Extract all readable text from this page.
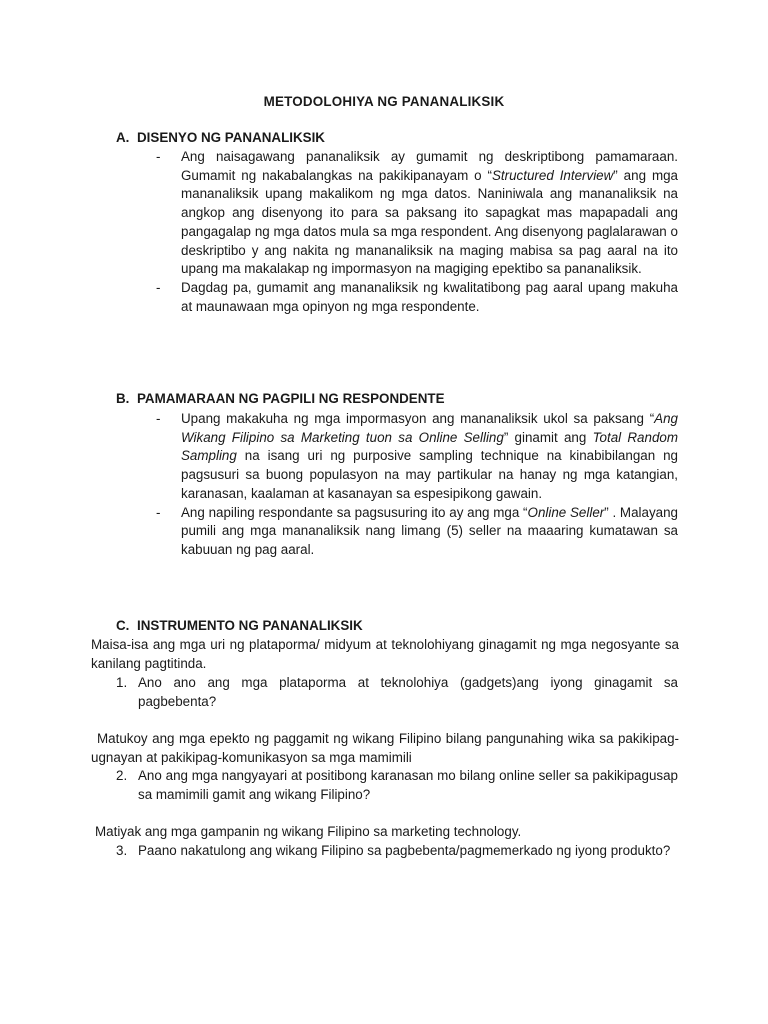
METODOLOHIYA NG PANANALIKSIK
A. DISENYO NG PANANALIKSIK
- Ang naisagawang pananaliksik ay gumamit ng deskriptibong pamamaraan. Gumamit ng nakabalangkas na pakikipanayam o “Structured Interview” ang mga mananaliksik upang makalikom ng mga datos. Naniniwala ang mananaliksik na angkop ang disenyong ito para sa paksang ito sapagkat mas mapapadali ang pangagalap ng mga datos mula sa mga respondent. Ang disenyong paglalarawan o deskriptibo y ang nakita ng mananaliksik na maging mabisa sa pag aaral na ito upang ma makalakap ng impormasyon na magiging epektibo sa pananaliksik.
- Dagdag pa, gumamit ang mananaliksik ng kwalitatibong pag aaral upang makuha at maunawaan mga opinyon ng mga respondente.
B. PAMAMARAAN NG PAGPILI NG RESPONDENTE
- Upang makakuha ng mga impormasyon ang mananaliksik ukol sa paksang “Ang Wikang Filipino sa Marketing tuon sa Online Selling” ginamit ang Total Random Sampling na isang uri ng purposive sampling technique na kinabibilangan ng pagsusuri sa buong populasyon na may partikular na hanay ng mga katangian, karanasan, kaalaman at kasanayan sa espesipikong gawain.
- Ang napiling respondante sa pagsusuring ito ay ang mga “Online Seller” . Malayang pumili ang mga mananaliksik nang limang (5) seller na maaaring kumatawan sa kabuuan ng pag aaral.
C. INSTRUMENTO NG PANANALIKSIK
Maisa-isa ang mga uri ng plataporma/ midyum at teknolohiyang ginagamit ng mga negosyante sa kanilang pagtitinda.
1. Ano ano ang mga plataporma at teknolohiya (gadgets)ang iyong ginagamit sa pagbebenta?
Matukoy ang mga epekto ng paggamit ng wikang Filipino bilang pangunahing wika sa pakikipag-ugnayan at pakikipag-komunikasyon sa mga mamimili
2. Ano ang mga nangyayari at positibong karanasan mo bilang online seller sa pakikipagusap sa mamimili gamit ang wikang Filipino?
Matiyak ang mga gampanin ng wikang Filipino sa marketing technology.
3. Paano nakatulong ang wikang Filipino sa pagbebenta/pagmemerkado ng iyong produkto?
